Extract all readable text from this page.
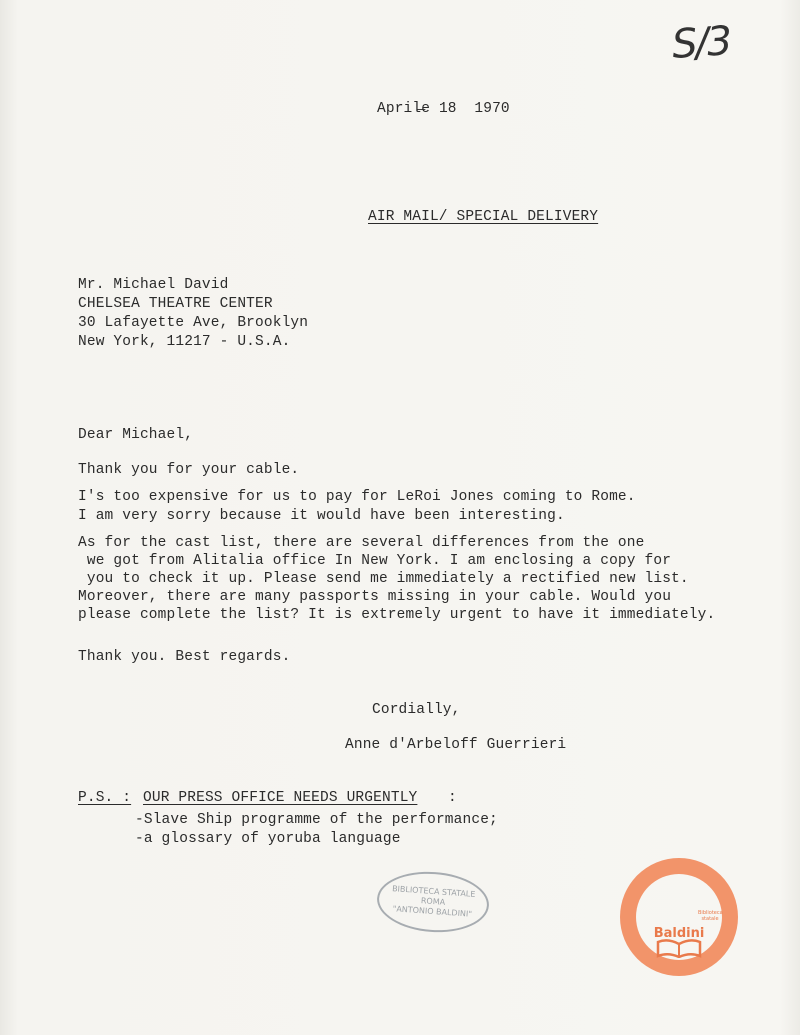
S/3
April̶e 18  1970
AIR MAIL/ SPECIAL DELIVERY
Mr. Michael David
CHELSEA THEATRE CENTER
30 Lafayette Ave, Brooklyn
New York, 11217 - U.S.A.
Dear Michael,
Thank you for your cable.
I's too expensive for us to pay for LeRoi Jones coming to Rome.
I am very sorry because it would have been interesting.
As for the cast list, there are several differences from the one
we got from Alitalia office In New York. I am enclosing a copy for
you to check it up. Please send me immediately a rectified new list.
Moreover, there are many passports missing in your cable. Would you
please complete the list? It is extremely urgent to have it immediately.
Thank you. Best regards.
Cordially,
Anne d'Arbeloff Guerrieri
P.S. : OUR PRESS OFFICE NEEDS URGENTLY :
-Slave Ship programme of the performance;
-a glossary of yoruba language
BIBLIOTECA STATALE
ROMA
"ANTONIO BALDINI"	Biblioteca statale
Baldini
